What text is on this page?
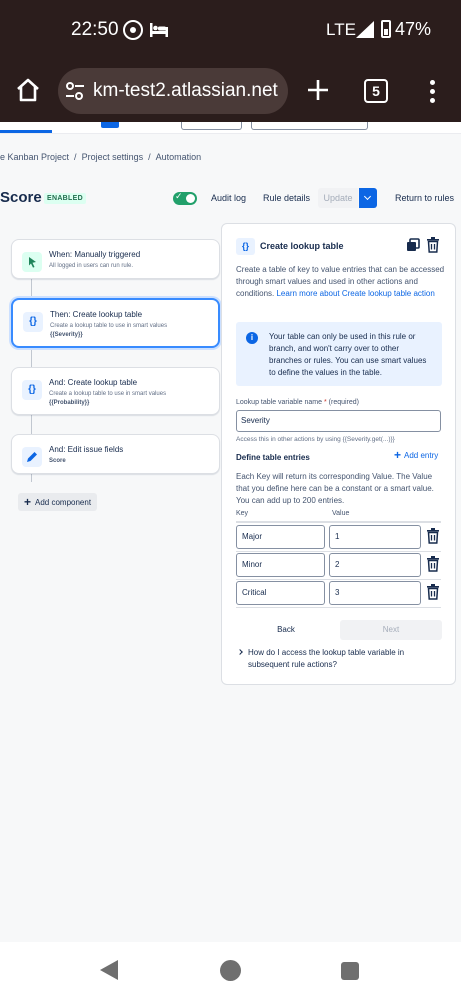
22:50	LTE 47%
km-test2.atlassian.net	5
e Kanban Project / Project settings / Automation
Score ENABLED ✓	Audit log Rule details	Update	Return to rules
When: Manually triggered
All logged in users can run rule.
{}
Then: Create lookup table
Create a lookup table to use in smart values
{{Severity}}
{}
And: Create lookup table
Create a lookup table to use in smart values
{{Probability}}
And: Edit issue fields
Score
+ Add component
{}	Create lookup table
Create a table of key to value entries that can be accessed through smart values and used in other actions and conditions. Learn more about Create lookup table action
i	Your table can only be used in this rule or branch, and won't carry over to other branches or rules. You can use smart values to define the values in the table.
Lookup table variable name * (required)
Severity
Access this in other actions by using {{Severity.get(...)}}
Define table entries	+ Add entry
Each Key will return its corresponding Value. The Value that you define here can be a constant or a smart value. You can add up to 200 entries.
Key	Value
Major	1
Minor	2
Critical	3
Back	Next
How do I access the lookup table variable in subsequent rule actions?
